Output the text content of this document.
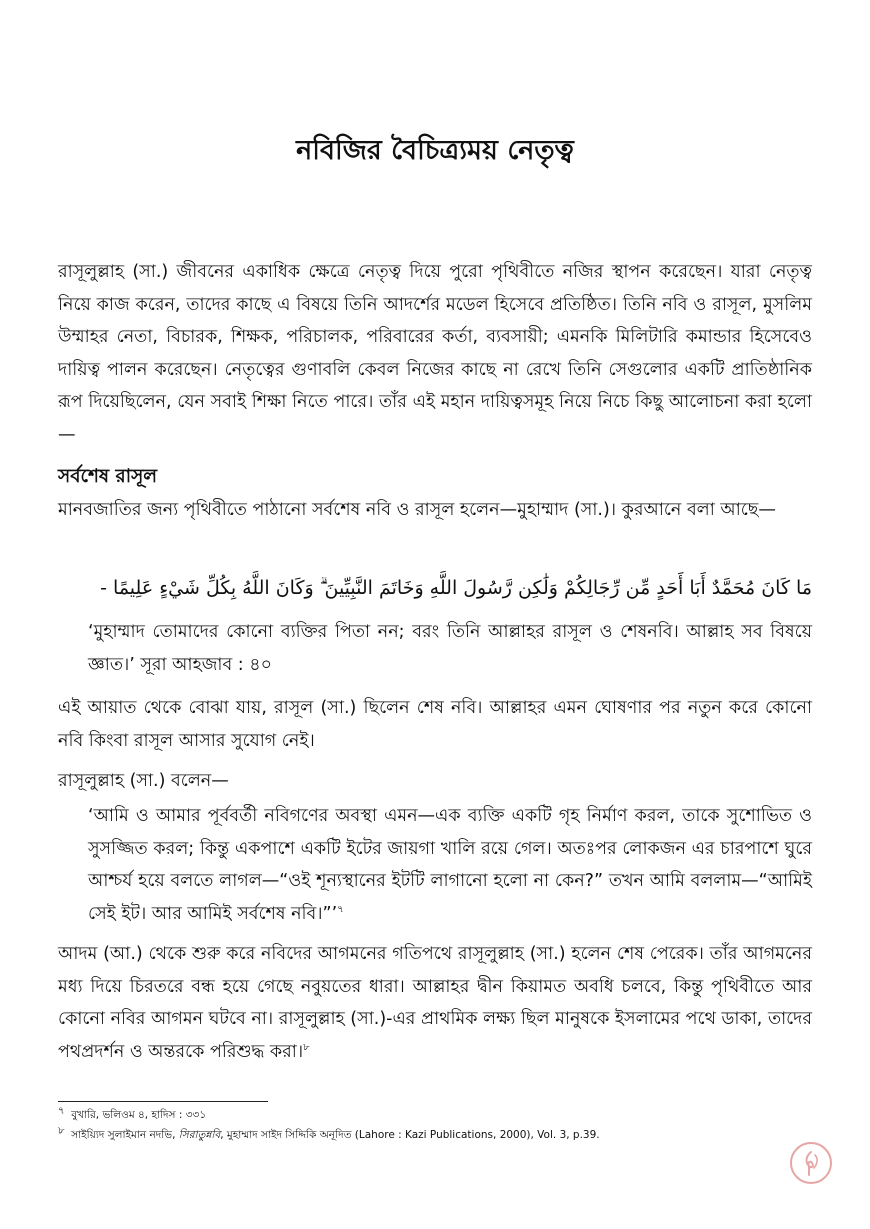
নবিজির বৈচিত্র্যময় নেতৃত্ব
রাসূলুল্লাহ (সা.) জীবনের একাধিক ক্ষেত্রে নেতৃত্ব দিয়ে পুরো পৃথিবীতে নজির স্থাপন করেছেন। যারা নেতৃত্ব নিয়ে কাজ করেন, তাদের কাছে এ বিষয়ে তিনি আদর্শের মডেল হিসেবে প্রতিষ্ঠিত। তিনি নবি ও রাসূল, মুসলিম উম্মাহর নেতা, বিচারক, শিক্ষক, পরিচালক, পরিবারের কর্তা, ব্যবসায়ী; এমনকি মিলিটারি কমান্ডার হিসেবেও দায়িত্ব পালন করেছেন। নেতৃত্বের গুণাবলি কেবল নিজের কাছে না রেখে তিনি সেগুলোর একটি প্রাতিষ্ঠানিক রূপ দিয়েছিলেন, যেন সবাই শিক্ষা নিতে পারে। তাঁর এই মহান দায়িত্বসমূহ নিয়ে নিচে কিছু আলোচনা করা হলো—
সর্বশেষ রাসূল
মানবজাতির জন্য পৃথিবীতে পাঠানো সর্বশেষ নবি ও রাসূল হলেন—মুহাম্মাদ (সা.)। কুরআনে বলা আছে—
مَا كَانَ مُحَمَّدٌ أَبَا أَحَدٍ مِّن رِّجَالِكُمْ وَلَٰكِن رَّسُولَ اللَّهِ وَخَاتَمَ النَّبِيِّينَ ۗ وَكَانَ اللَّهُ بِكُلِّ شَيْءٍ عَلِيمًا -
‘মুহাম্মাদ তোমাদের কোনো ব্যক্তির পিতা নন; বরং তিনি আল্লাহর রাসূল ও শেষনবি। আল্লাহ সব বিষয়ে জ্ঞাত।’ সূরা আহজাব : ৪০
এই আয়াত থেকে বোঝা যায়, রাসূল (সা.) ছিলেন শেষ নবি। আল্লাহর এমন ঘোষণার পর নতুন করে কোনো নবি কিংবা রাসূল আসার সুযোগ নেই।
রাসূলুল্লাহ (সা.) বলেন—
‘আমি ও আমার পূর্ববর্তী নবিগণের অবস্থা এমন—এক ব্যক্তি একটি গৃহ নির্মাণ করল, তাকে সুশোভিত ও সুসজ্জিত করল; কিন্তু একপাশে একটি ইটের জায়গা খালি রয়ে গেল। অতঃপর লোকজন এর চারপাশে ঘুরে আশ্চর্য হয়ে বলতে লাগল—“ওই শূন্যস্থানের ইটটি লাগানো হলো না কেন?” তখন আমি বললাম—“আমিই সেই ইট। আর আমিই সর্বশেষ নবি।”’$^৭$
আদম (আ.) থেকে শুরু করে নবিদের আগমনের গতিপথে রাসূলুল্লাহ (সা.) হলেন শেষ পেরেক। তাঁর আগমনের মধ্য দিয়ে চিরতরে বন্ধ হয়ে গেছে নবুয়তের ধারা। আল্লাহর দ্বীন কিয়ামত অবধি চলবে, কিন্তু পৃথিবীতে আর কোনো নবির আগমন ঘটবে না। রাসূলুল্লাহ (সা.)-এর প্রাথমিক লক্ষ্য ছিল মানুষকে ইসলামের পথে ডাকা, তাদের পথপ্রদর্শন ও অন্তরকে পরিশুদ্ধ করা।$^৮$
$^৭$ বুখারি, ভলিওম ৪, হাদিস : ৩৩১
$^৮$ সাইয়্যিদ সুলাইমান নদভি, সিরাতুন্নবি, মুহাম্মাদ সাইদ সিদ্দিকি অনূদিত (Lahore : Kazi Publications, 2000), Vol. 3, p.39.
